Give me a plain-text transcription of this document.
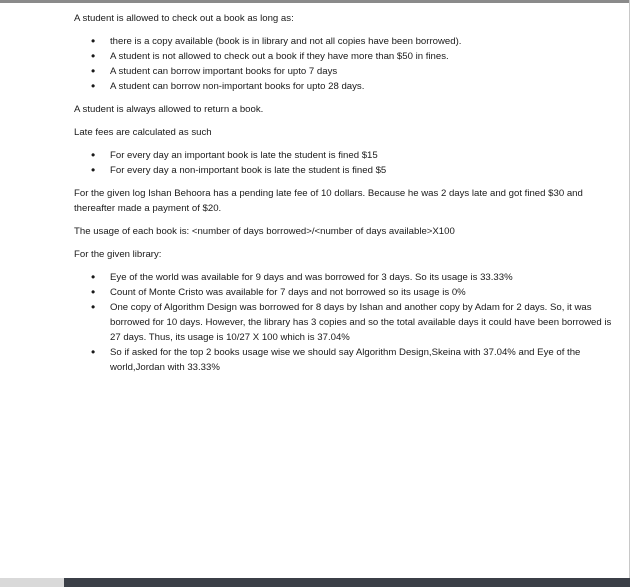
A student is allowed to check out a book as long as:

• there is a copy available (book is in library and not all copies have been borrowed).
• A student is not allowed to check out a book if they have more than $50 in fines.
• A student can borrow important books for upto 7 days
• A student can borrow non-important books for upto 28 days.

A student is always allowed to return a book.

Late fees are calculated as such

• For every day an important book is late the student is fined $15
• For every day a non-important book is late the student is fined $5

For the given log Ishan Behoora has a pending late fee of 10 dollars. Because he was 2 days late and got fined $30 and thereafter made a payment of $20.

The usage of each book is: <number of days borrowed>/<number of days available>X100

For the given library:

• Eye of the world was available for 9 days and was borrowed for 3 days. So its usage is 33.33%
• Count of Monte Cristo was available for 7 days and not borrowed so its usage is 0%
• One copy of Algorithm Design was borrowed for 8 days by Ishan and another copy by Adam for 2 days. So, it was borrowed for 10 days. However, the library has 3 copies and so the total available days it could have been borrowed is 27 days. Thus, its usage is 10/27 X 100 which is 37.04%
• So if asked for the top 2 books usage wise we should say Algorithm Design,Skeina with 37.04% and Eye of the world,Jordan with 33.33%
